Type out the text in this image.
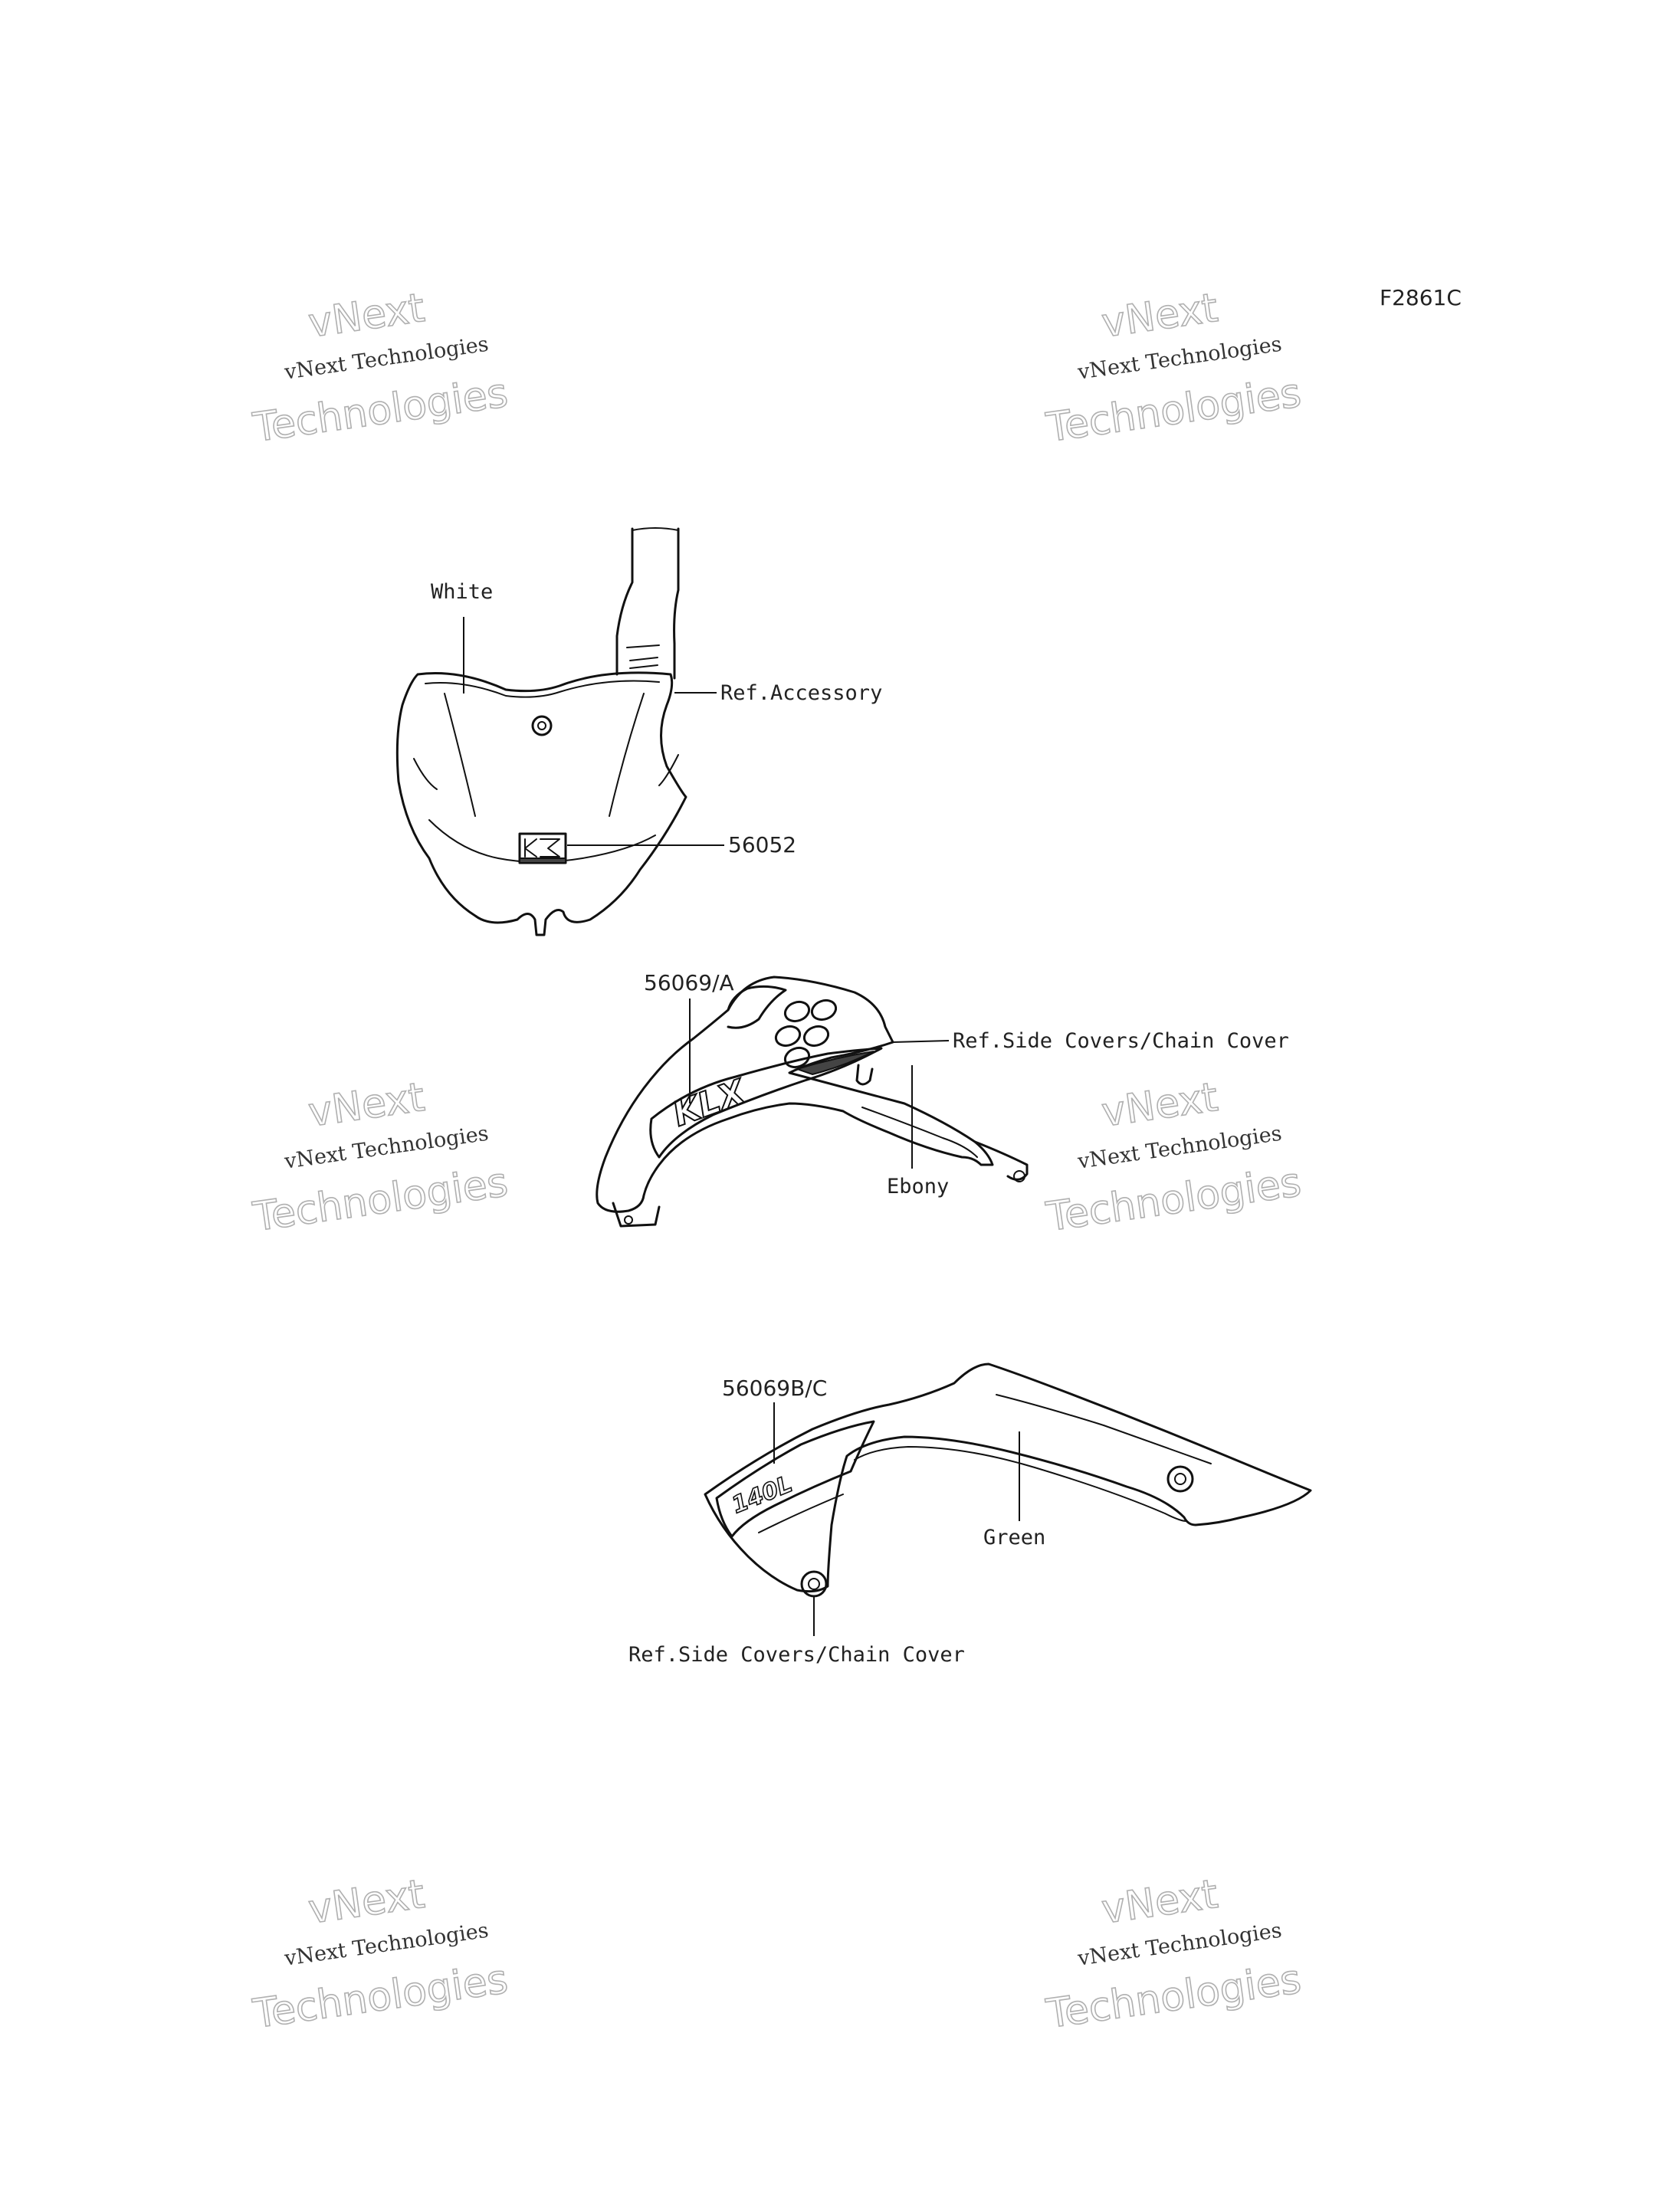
F2861C
vNext
vNext Technologies
Technologies
vNext
vNext Technologies
Technologies
vNext
vNext Technologies
Technologies
vNext
vNext Technologies
Technologies
vNext
vNext Technologies
Technologies
vNext
vNext Technologies
Technologies
White
Ref.Accessory
56052
KLX
56069/A
Ref.Side Covers/Chain Cover
Ebony
140L
56069B/C
Green
Ref.Side Covers/Chain Cover
